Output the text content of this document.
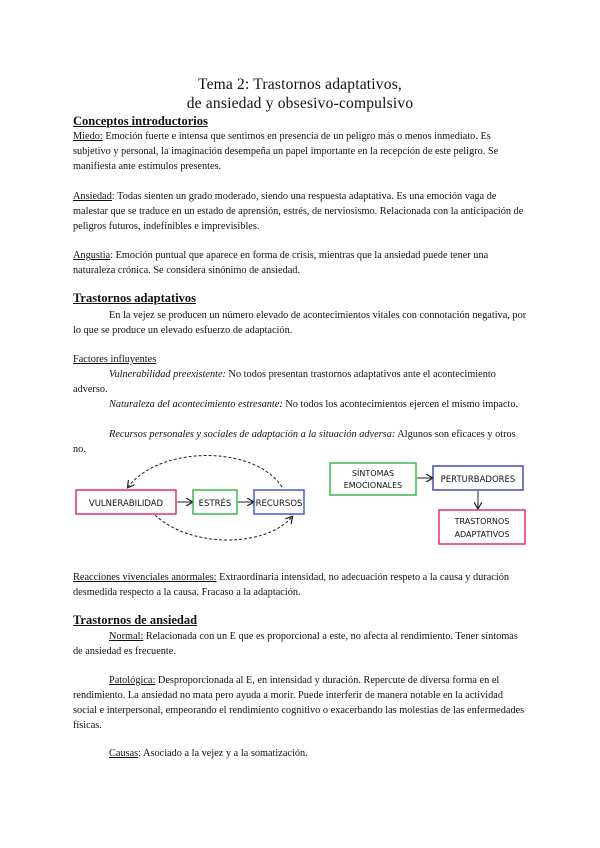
Tema 2: Trastornos adaptativos,
de ansiedad y obsesivo-compulsivo
Conceptos introductorios
Miedo: Emoción fuerte e intensa que sentimos en presencia de un peligro más o menos inmediato. Es subjetivo y personal, la imaginación desempeña un papel importante en la recepción de este peligro. Se manifiesta ante estímulos presentes.
Ansiedad: Todas sienten un grado moderado, siendo una respuesta adaptativa. Es una emoción vaga de malestar que se traduce en un estado de aprensión, estrés, de nerviosismo. Relacionada con la anticipación de peligros futuros, indefinibles e imprevisibles.
Angustia: Emoción puntual que aparece en forma de crisis, mientras que la ansiedad puede tener una naturaleza crónica. Se considera sinónimo de ansiedad.
Trastornos adaptativos
En la vejez se producen un número elevado de acontecimientos vitales con connotación negativa, por lo que se produce un elevado esfuerzo de adaptación.
Factores influyentes
Vulnerabilidad preexistente: No todos presentan trastornos adaptativos ante el acontecimiento adverso.
Naturaleza del acontecimiento estresante: No todos los acontecimientos ejercen el mismo impacto.
Recursos personales y sociales de adaptación a la situación adversa: Algunos son eficaces y otros no.
VULNERABILIDAD	ESTRÉS	RECURSOS
SÍNTOMAS
EMOCIONALES
PERTURBADORES
TRASTORNOS
ADAPTATIVOS
Reacciones vivenciales anormales: Extraordinaria intensidad, no adecuación respeto a la causa y duración desmedida respecto a la causa. Fracaso a la adaptación.
Trastornos de ansiedad
Normal: Relacionada con un E que es proporcional a este, no afecta al rendimiento. Tener síntomas de ansiedad es frecuente.
Patológica: Desproporcionada al E, en intensidad y duración. Repercute de diversa forma en el rendimiento. La ansiedad no mata pero ayuda a morir. Puede interferir de manera notable en la actividad social e interpersonal, empeorando el rendimiento cognitivo o exacerbando las molestias de las enfermedades físicas.
Causas: Asociado a la vejez y a la somatización.
